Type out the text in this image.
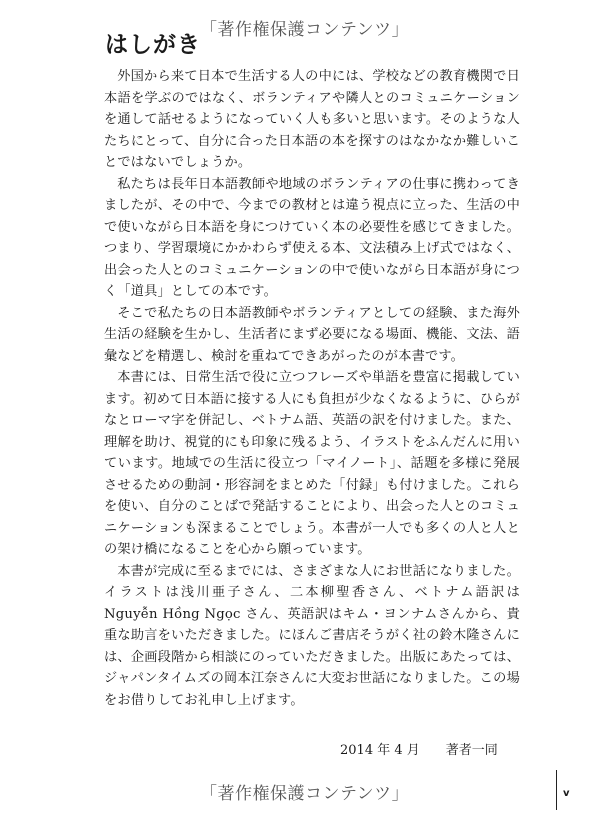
「著作権保護コンテンツ」
はしがき

外国から来て日本で生活する人の中には、学校などの教育機関で日本語を学ぶのではなく、ボランティアや隣人とのコミュニケーションを通して話せるようになっていく人も多いと思います。そのような人たちにとって、自分に合った日本語の本を探すのはなかなか難しいことではないでしょうか。

私たちは長年日本語教師や地域のボランティアの仕事に携わってきましたが、その中で、今までの教材とは違う視点に立った、生活の中で使いながら日本語を身につけていく本の必要性を感じてきました。つまり、学習環境にかかわらず使える本、文法積み上げ式ではなく、出会った人とのコミュニケーションの中で使いながら日本語が身につく「道具」としての本です。

そこで私たちの日本語教師やボランティアとしての経験、また海外生活の経験を生かし、生活者にまず必要になる場面、機能、文法、語彙などを精選し、検討を重ねてできあがったのが本書です。

本書には、日常生活で役に立つフレーズや単語を豊富に掲載しています。初めて日本語に接する人にも負担が少なくなるように、ひらがなとローマ字を併記し、ベトナム語、英語の訳を付けました。また、理解を助け、視覚的にも印象に残るよう、イラストをふんだんに用いています。地域での生活に役立つ「マイノート」、話題を多様に発展させるための動詞・形容詞をまとめた「付録」も付けました。これらを使い、自分のことばで発話することにより、出会った人とのコミュニケーションも深まることでしょう。本書が一人でも多くの人と人との架け橋になることを心から願っています。

本書が完成に至るまでには、さまざまな人にお世話になりました。イラストは浅川亜子さん、二本柳聖香さん、ベトナム語訳は Nguyễn Hồng Ngọc さん、英語訳はキム・ヨンナムさんから、貴重な助言をいただきました。にほんご書店そうがく社の鈴木隆さんには、企画段階から相談にのっていただきました。出版にあたっては、ジャパンタイムズの岡本江奈さんに大変お世話になりました。この場をお借りしてお礼申し上げます。

2014 年 4 月 著者一同
「著作権保護コンテンツ」	v
